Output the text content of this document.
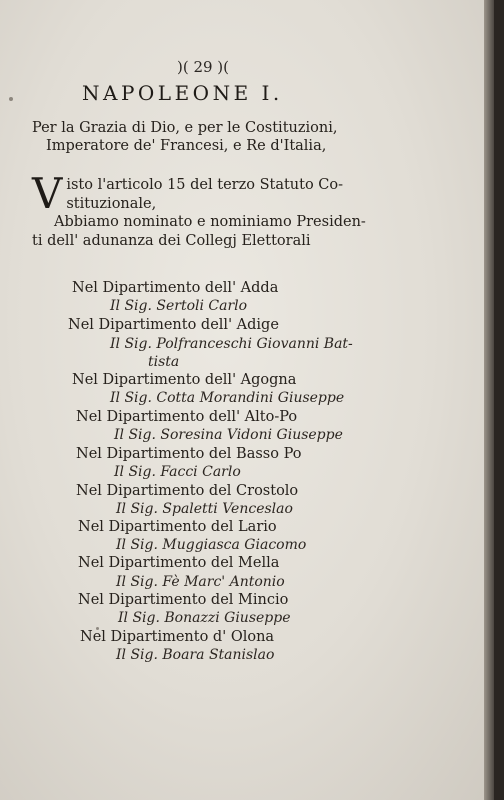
)( 29 )(
NAPOLEONE I.
Per la Grazia di Dio, e per le Costituzioni,
Imperatore de' Francesi, e Re d'Italia,
V isto l'articolo 15 del terzo Statuto Co-
stituzionale,
Abbiamo nominato e nominiamo Presiden-
ti dell' adunanza dei Collegj Elettorali
Nel Dipartimento dell' Adda
Il Sig. Sertoli Carlo
Nel Dipartimento dell' Adige
Il Sig. Polfranceschi Giovanni Bat-
tista
Nel Dipartimento dell' Agogna
Il Sig. Cotta Morandini Giuseppe
Nel Dipartimento dell' Alto-Po
Il Sig. Soresina Vidoni Giuseppe
Nel Dipartimento del Basso Po
Il Sig. Facci Carlo
Nel Dipartimento del Crostolo
Il Sig. Spaletti Venceslao
Nel Dipartimento del Lario
Il Sig. Muggiasca Giacomo
Nel Dipartimento del Mella
Il Sig. Fè Marc' Antonio
Nel Dipartimento del Mincio
Il Sig. Bonazzi Giuseppe
Nel Dipartimento d' Olona
Il Sig. Boara Stanislao
